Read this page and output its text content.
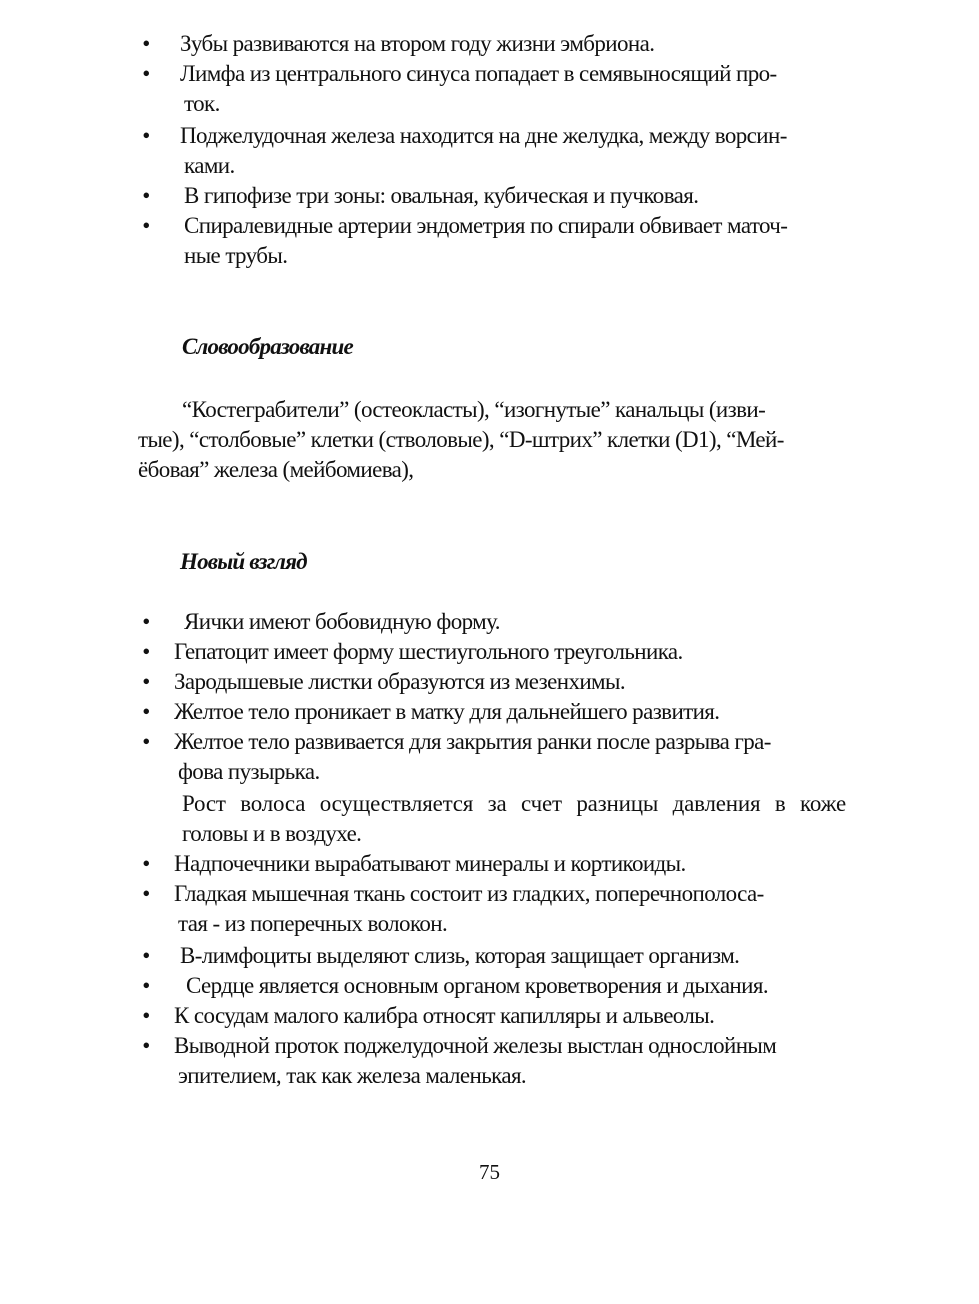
• Зубы развиваются на втором году жизни эмбриона.
• Лимфа из центрального синуса попадает в семявыносящий про-
ток.
• Поджелудочная железа находится на дне желудка, между ворсин-
ками.
• В гипофизе три зоны: овальная, кубическая и пучковая.
• Спиралевидные артерии эндометрия по спирали обвивает маточ-
ные трубы.
Словообразование
“Костеграбители” (остеокласты), “изогнутые” канальцы (изви-
тые), “столбовые” клетки (стволовые), “D-штрих” клетки (D1), “Мей-
ёбовая” железа (мейбомиева),
Новый взгляд
• Яички имеют бобовидную форму.
• Гепатоцит имеет форму шестиугольного треугольника.
• Зародышевые листки образуются из мезенхимы.
• Желтое тело проникает в матку для дальнейшего развития.
• Желтое тело развивается для закрытия ранки после разрыва гра-
фова пузырька.
Рост волоса осуществляется за счет разницы давления в коже
головы и в воздухе.
• Надпочечники вырабатывают минералы и кортикоиды.
• Гладкая мышечная ткань состоит из гладких, поперечнополоса-
тая - из поперечных волокон.
• В-лимфоциты выделяют слизь, которая защищает организм.
• Сердце является основным органом кроветворения и дыхания.
• К сосудам малого калибра относят капилляры и альвеолы.
• Выводной проток поджелудочной железы выстлан однослойным
эпителием, так как железа маленькая.
75
